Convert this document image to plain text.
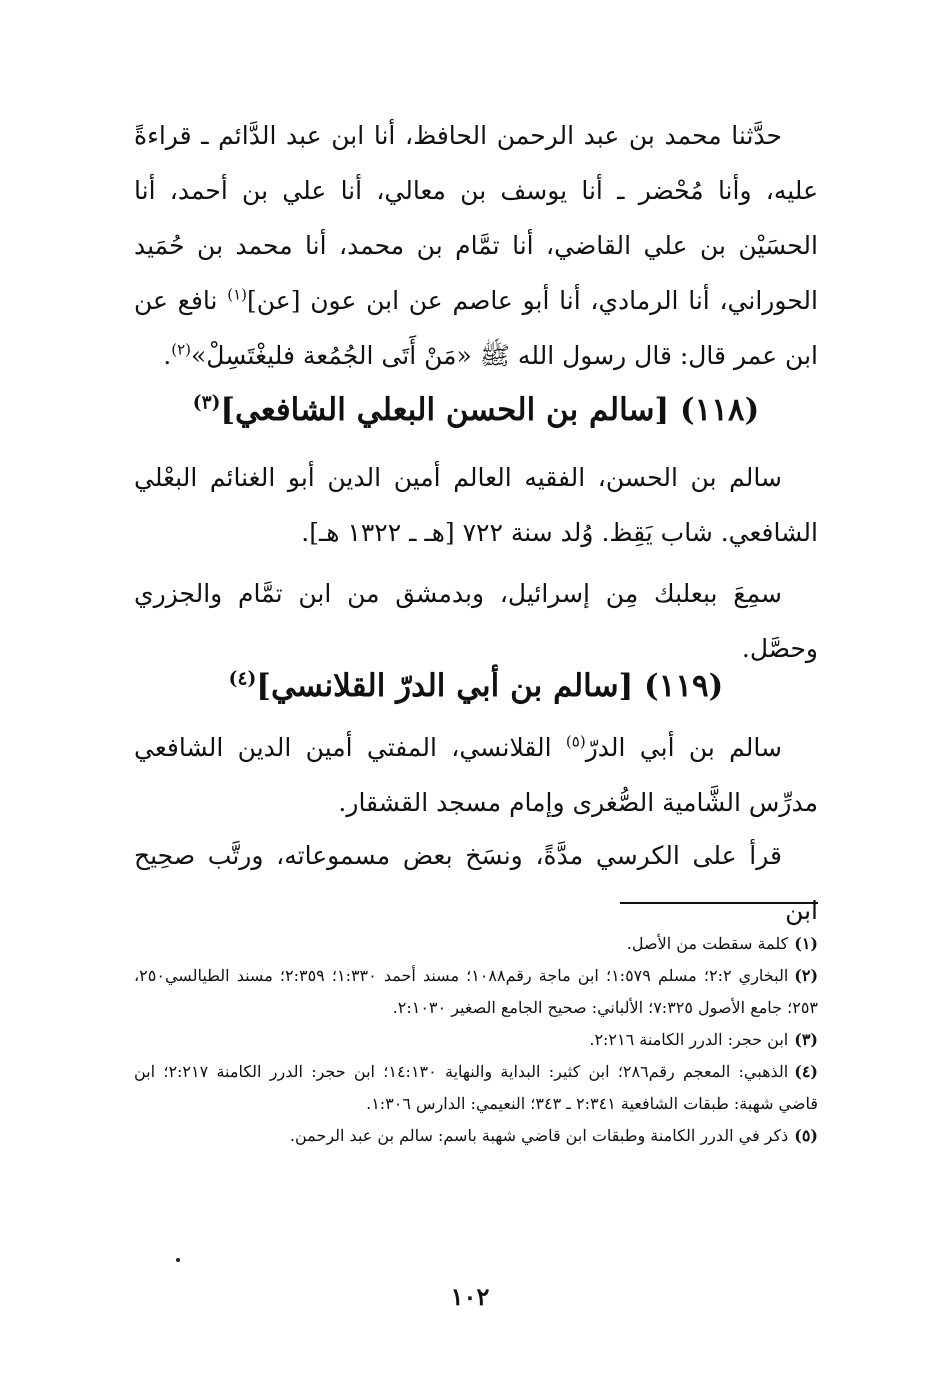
حدَّثنا محمد بن عبد الرحمن الحافظ، أنا ابن عبد الدَّائم ـ قراءةً عليه، وأنا مُحْضر ـ أنا يوسف بن معالي، أنا علي بن أحمد، أنا الحسَيْن بن علي القاضي، أنا تمَّام بن محمد، أنا محمد بن حُمَيد الحوراني، أنا الرمادي، أنا أبو عاصم عن ابن عون [عن]$^{(١)}$ نافع عن ابن عمر قال: قال رسول الله ﷺ «مَنْ أَتَى الجُمُعة فليغْتَسِلْ»$^{(٢)}$.

(١١٨) [سالم بن الحسن البعلي الشافعي]$^{(٣)}$

سالم بن الحسن، الفقيه العالم أمين الدين أبو الغنائم البعْلي الشافعي. شاب يَقِظ. وُلد سنة ٧٢٢ [هـ ـ ١٣٢٢ هـ].

سمِعَ ببعلبك مِن إسرائيل، وبدمشق من ابن تمَّام والجزري وحصَّل.

(١١٩) [سالم بن أبي الدرّ القلانسي]$^{(٤)}$

سالم بن أبي الدرّ$^{(٥)}$ القلانسي، المفتي أمين الدين الشافعي مدرِّس الشَّامية الصُّغرى وإمام مسجد القشقار.

قرأ على الكرسي مدَّةً، ونسَخ بعض مسموعاته، ورتَّب صحِيح ابن

(١)كلمة سقطت من الأصل.

(٢)البخاري ٢:٢؛ مسلم ١:٥٧٩؛ ابن ماجة رقم١٠٨٨؛ مسند أحمد ١:٣٣٠؛ ٢:٣٥٩؛ مسند الطيالسي٢٥٠، ٢٥٣؛ جامع الأصول ٧:٣٢٥؛ الألباني: صحيح الجامع الصغير ٢:١٠٣٠.

(٣)ابن حجر: الدرر الكامنة ٢:٢١٦.

(٤)الذهبي: المعجم رقم٢٨٦؛ ابن كثير: البداية والنهاية ١٤:١٣٠؛ ابن حجر: الدرر الكامنة ٢:٢١٧؛ ابن قاضي شهبة: طبقات الشافعية ٢:٣٤١ ـ ٣٤٣؛ النعيمي: الدارس ١:٣٠٦.

(٥)ذكر في الدرر الكامنة وطبقات ابن قاضي شهبة باسم: سالم بن عبد الرحمن.

١٠٢
